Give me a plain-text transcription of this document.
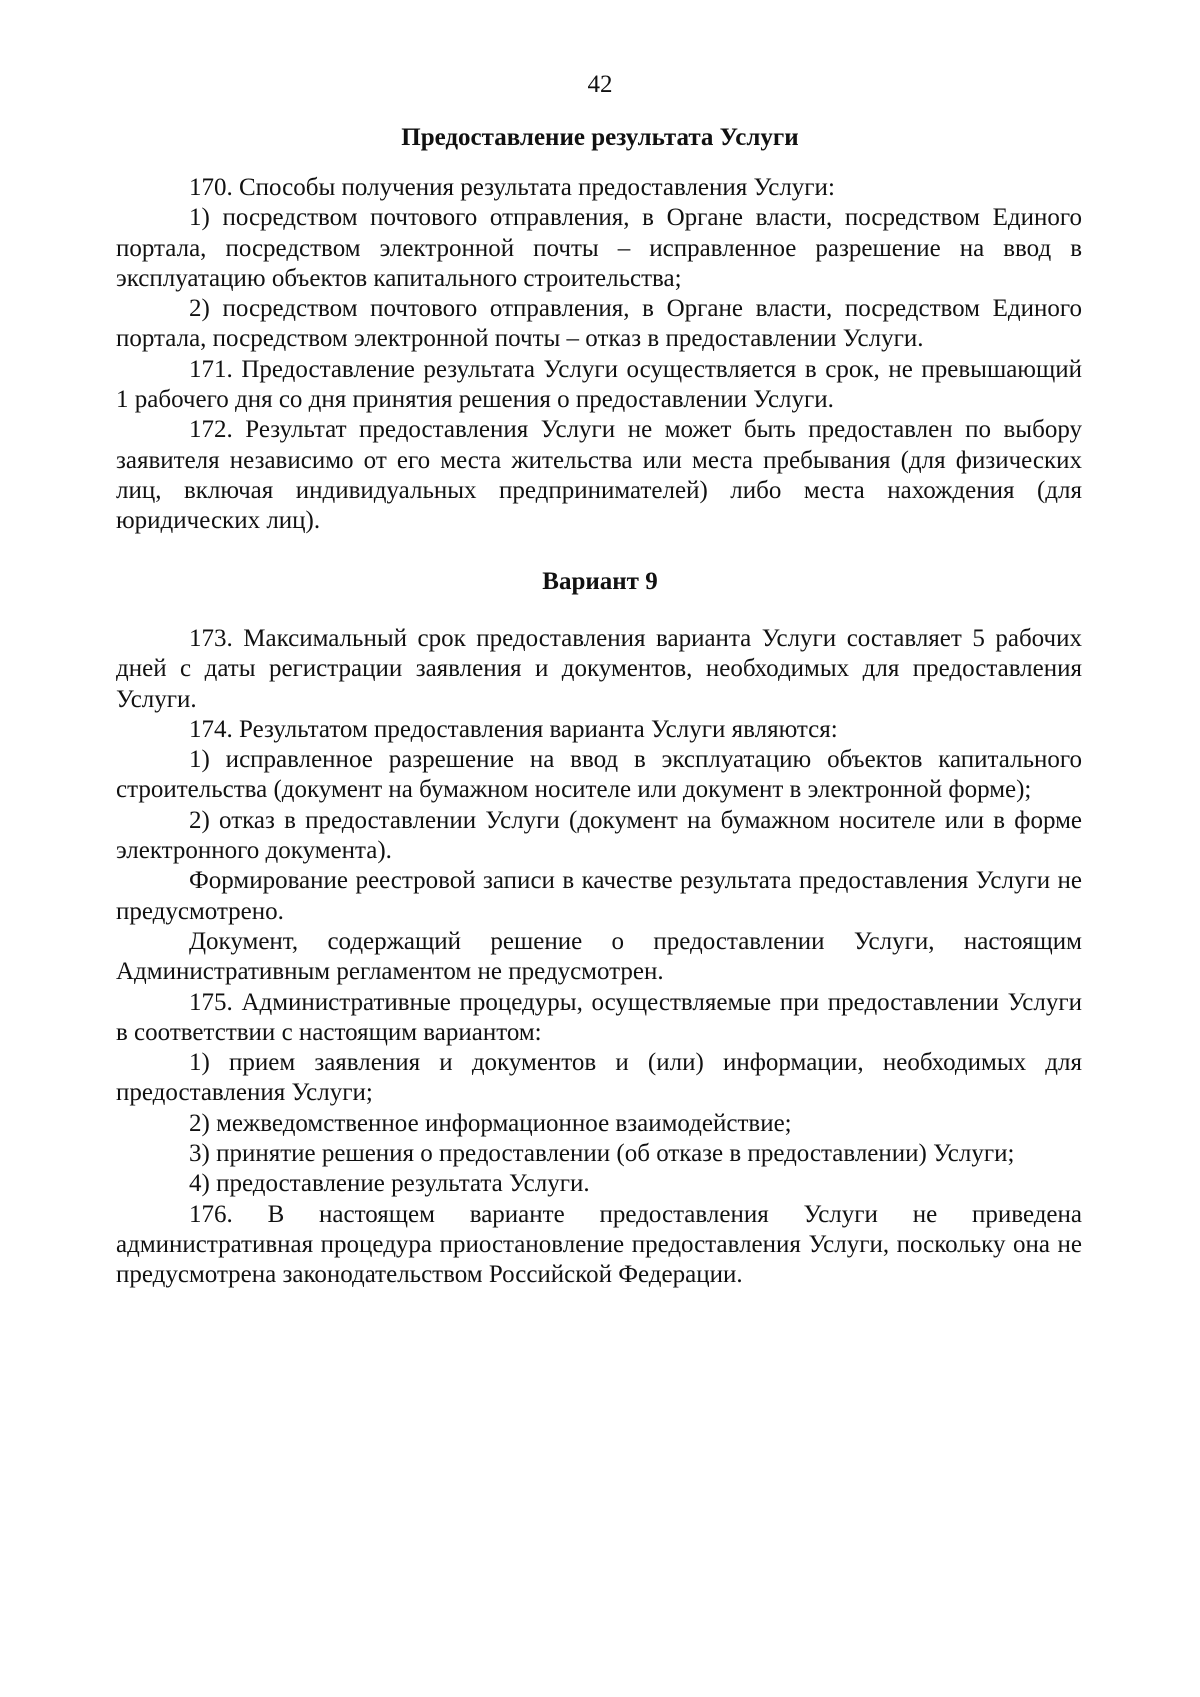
42
Предоставление результата Услуги

170. Способы получения результата предоставления Услуги:

1) посредством почтового отправления, в Органе власти, посредством Единого портала, посредством электронной почты – исправленное разрешение на ввод в эксплуатацию объектов капитального строительства;

2) посредством почтового отправления, в Органе власти, посредством Единого портала, посредством электронной почты – отказ в предоставлении Услуги.

171. Предоставление результата Услуги осуществляется в срок, не превышающий 1 рабочего дня со дня принятия решения о предоставлении Услуги.

172. Результат предоставления Услуги не может быть предоставлен по выбору заявителя независимо от его места жительства или места пребывания (для физических лиц, включая индивидуальных предпринимателей) либо места нахождения (для юридических лиц).

Вариант 9

173. Максимальный срок предоставления варианта Услуги составляет 5 рабочих дней с даты регистрации заявления и документов, необходимых для предоставления Услуги.

174. Результатом предоставления варианта Услуги являются:

1) исправленное разрешение на ввод в эксплуатацию объектов капитального строительства (документ на бумажном носителе или документ в электронной форме);

2) отказ в предоставлении Услуги (документ на бумажном носителе или в форме электронного документа).

Формирование реестровой записи в качестве результата предоставления Услуги не предусмотрено.

Документ, содержащий решение о предоставлении Услуги, настоящим Административным регламентом не предусмотрен.

175. Административные процедуры, осуществляемые при предоставлении Услуги в соответствии с настоящим вариантом:

1) прием заявления и документов и (или) информации, необходимых для предоставления Услуги;

2) межведомственное информационное взаимодействие;

3) принятие решения о предоставлении (об отказе в предоставлении) Услуги;

4) предоставление результата Услуги.

176. В настоящем варианте предоставления Услуги не приведена административная процедура приостановление предоставления Услуги, поскольку она не предусмотрена законодательством Российской Федерации.
